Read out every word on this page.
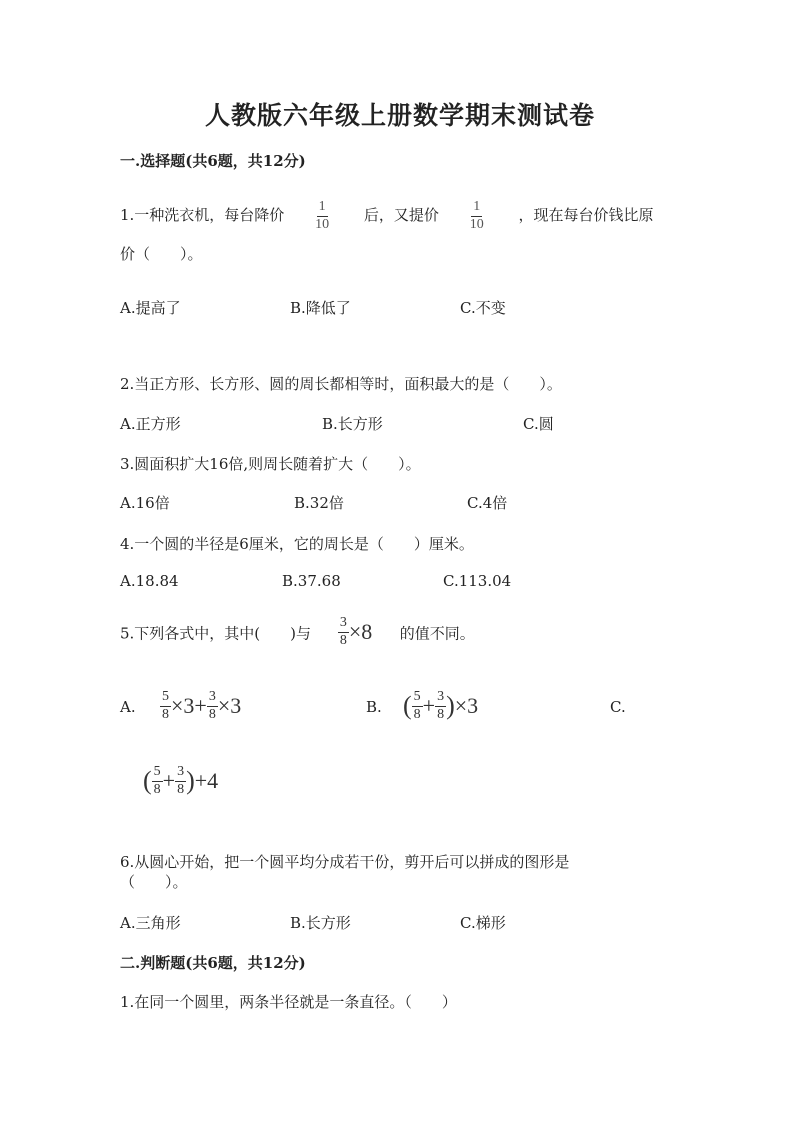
人教版六年级上册数学期末测试卷
一.选择题(共6题，共12分)
1.一种洗衣机，每台降价 $\frac{1}{10}$ 后，又提价 $\frac{1}{10}$ ，现在每台价钱比原
价（　　）。
A.提高了	B.降低了	C.不变
2.当正方形、长方形、圆的周长都相等时，面积最大的是（　　）。
A.正方形	B.长方形	C.圆
3.圆面积扩大16倍,则周长随着扩大（　　）。
A.16倍	B.32倍	C.4倍
4.一个圆的半径是6厘米，它的周长是（　　）厘米。
A.18.84	B.37.68	C.113.04
5.下列各式中，其中(　　)与 $\frac{3}{8} \times 8$ 的值不同。
A. $\frac{5}{8} \times 3+ \frac{3}{8} \times 3$	B. ( $\frac{5}{8} + \frac{3}{8} )\times 3$	C.
( $\frac{5}{8} + \frac{3}{8} )+4$
6.从圆心开始，把一个圆平均分成若干份，剪开后可以拼成的图形是
（　　）。
A.三角形	B.长方形	C.梯形
二.判断题(共6题，共12分)
1.在同一个圆里，两条半径就是一条直径。（　　）
